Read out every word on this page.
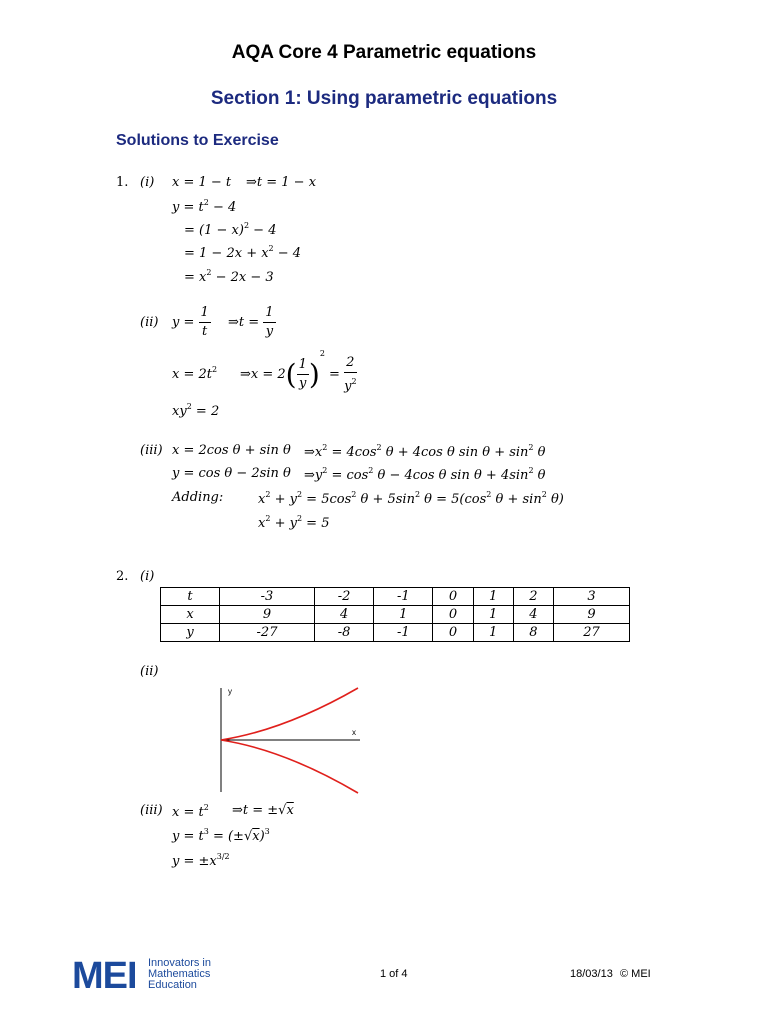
AQA Core 4 Parametric equations
Section 1: Using parametric equations
Solutions to Exercise
1. (i) x = 1 − t ⇒t = 1 − x
$y = t^2 - 4$
= $(1 - x)^2 - 4$
= $1 - 2x + x^2 - 4$
= $x^2 - 2x - 3$
(ii) $y = \frac{1}{t}$ ⇒t = $\frac{1}{y}$
$x = 2t^2$ ⇒x = $2( \frac{1}{y} )^2 = \frac{2}{y^2}$
$xy^2 = 2$
(iii) x = 2cos θ + sin θ $\Rightarrow x^2 = 4\cos^2$ θ + 4cos θ $\sin \theta + \sin^2 \theta$
y = cos θ − 2sin θ $\Rightarrow y^2 = \cos^2 \theta - 4\cos$ θ $\sin \theta + 4\sin^2$ θ
Adding:	$x^2 + y^2 = 5\cos^2$ $\theta + 5\sin^2$ $\theta = 5(\cos^2$ $\theta + \sin^2 \theta$)
$x^2 + y^2 = 5$
2. (i)
t	-3	-2	-1	0	1	2	3
x	9	4	1	0	1	4	9
y	-27	-8	-1	0	1	8	27
(ii)
y
x
(iii) $x = t^2$ ⇒t = ±√x
$y = t^3 = (\pm√x)^3$
$y = \pm x^{3/2}$
MEI Innovators in
Mathematics
Education
1 of 4	18/03/13 © MEI
